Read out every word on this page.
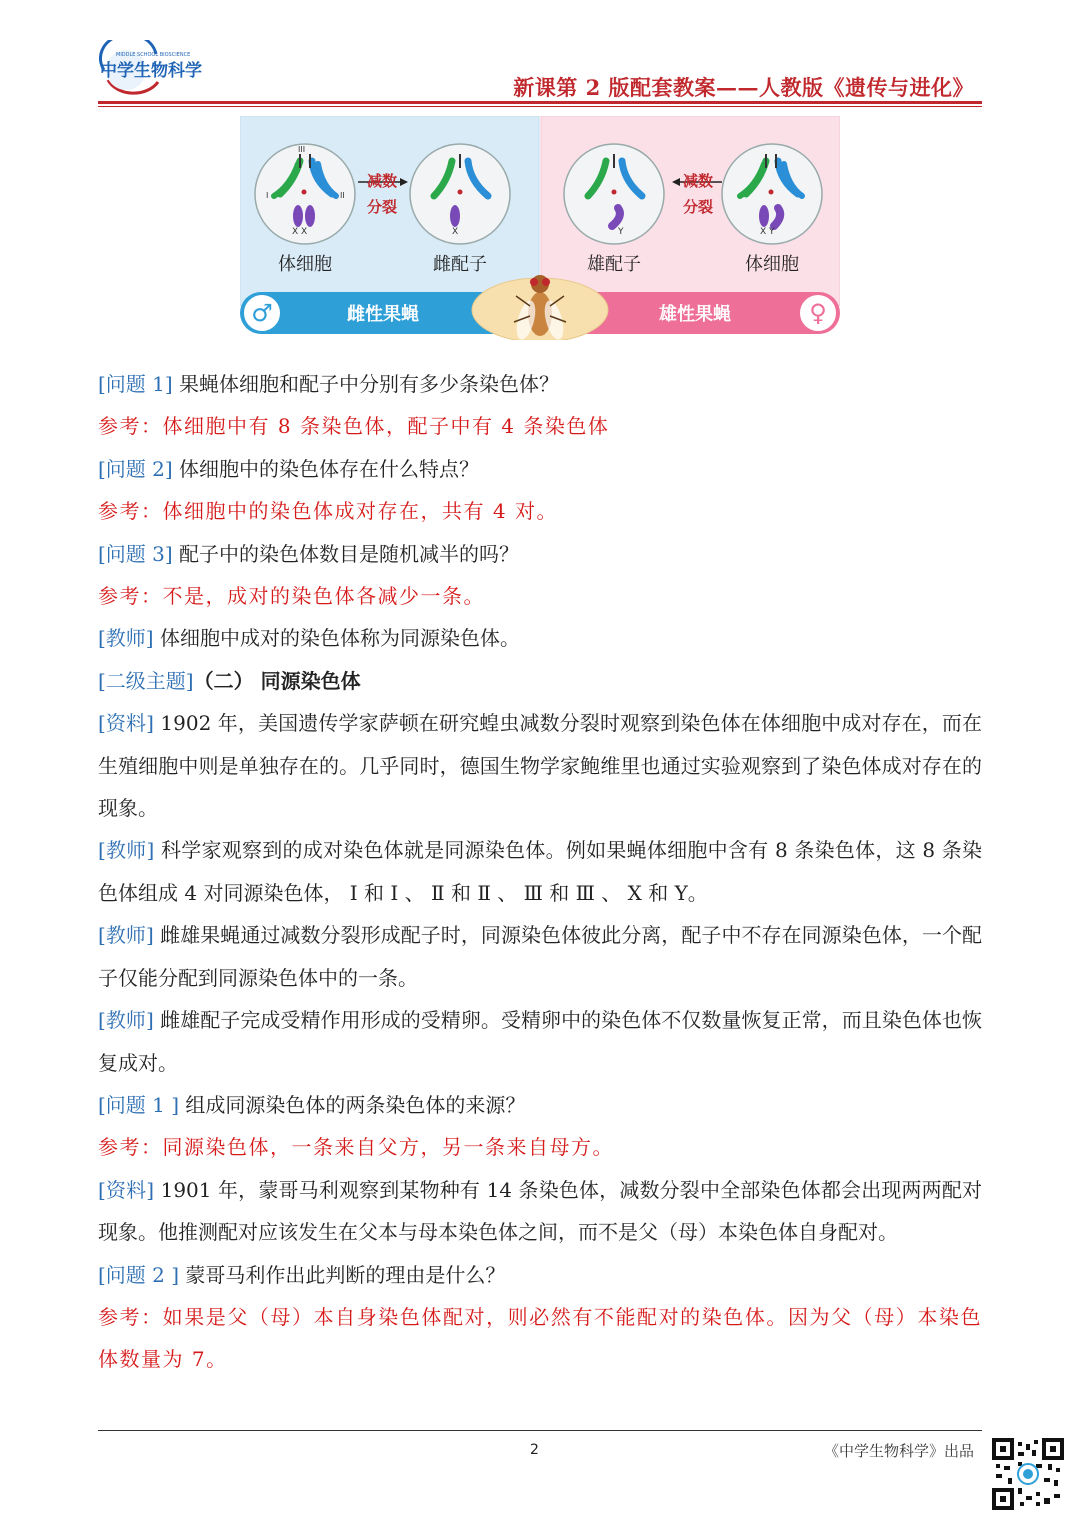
中学生物科学
MIDDLE SCHOOL BIOSCIENCE
新课第 2 版配套教案——人教版《遗传与进化》
♂	♀
雌性果蝇	雄性果蝇
X X
I	II
III
减数
分裂
X	Y
减数
分裂
X Y
体细胞	雌配子	雄配子	体细胞

[问题 1] 果蝇体细胞和配子中分别有多少条染色体？

参考：体细胞中有 8 条染色体，配子中有 4 条染色体

[问题 2] 体细胞中的染色体存在什么特点？

参考：体细胞中的染色体成对存在，共有 4 对。

[问题 3] 配子中的染色体数目是随机减半的吗？

参考：不是，成对的染色体各减少一条。

[教师] 体细胞中成对的染色体称为同源染色体。

[二级主题]（二） 同源染色体

[资料] 1902 年，美国遗传学家萨顿在研究蝗虫减数分裂时观察到染色体在体细胞中成对存在，而在生殖细胞中则是单独存在的。几乎同时，德国生物学家鲍维里也通过实验观察到了染色体成对存在的现象。

[教师] 科学家观察到的成对染色体就是同源染色体。例如果蝇体细胞中含有 8 条染色体，这 8 条染色体组成 4 对同源染色体， Ⅰ 和 Ⅰ 、 Ⅱ 和 Ⅱ 、 Ⅲ 和 Ⅲ 、 X 和 Y。

[教师] 雌雄果蝇通过减数分裂形成配子时，同源染色体彼此分离，配子中不存在同源染色体，一个配子仅能分配到同源染色体中的一条。

[教师] 雌雄配子完成受精作用形成的受精卵。受精卵中的染色体不仅数量恢复正常，而且染色体也恢复成对。

[问题 1 ] 组成同源染色体的两条染色体的来源？

参考：同源染色体，一条来自父方，另一条来自母方。

[资料] 1901 年，蒙哥马利观察到某物种有 14 条染色体，减数分裂中全部染色体都会出现两两配对现象。他推测配对应该发生在父本与母本染色体之间，而不是父（母）本染色体自身配对。

[问题 2 ] 蒙哥马利作出此判断的理由是什么？

参考：如果是父（母）本自身染色体配对，则必然有不能配对的染色体。因为父（母）本染色体数量为 7。

2	《中学生物科学》出品
